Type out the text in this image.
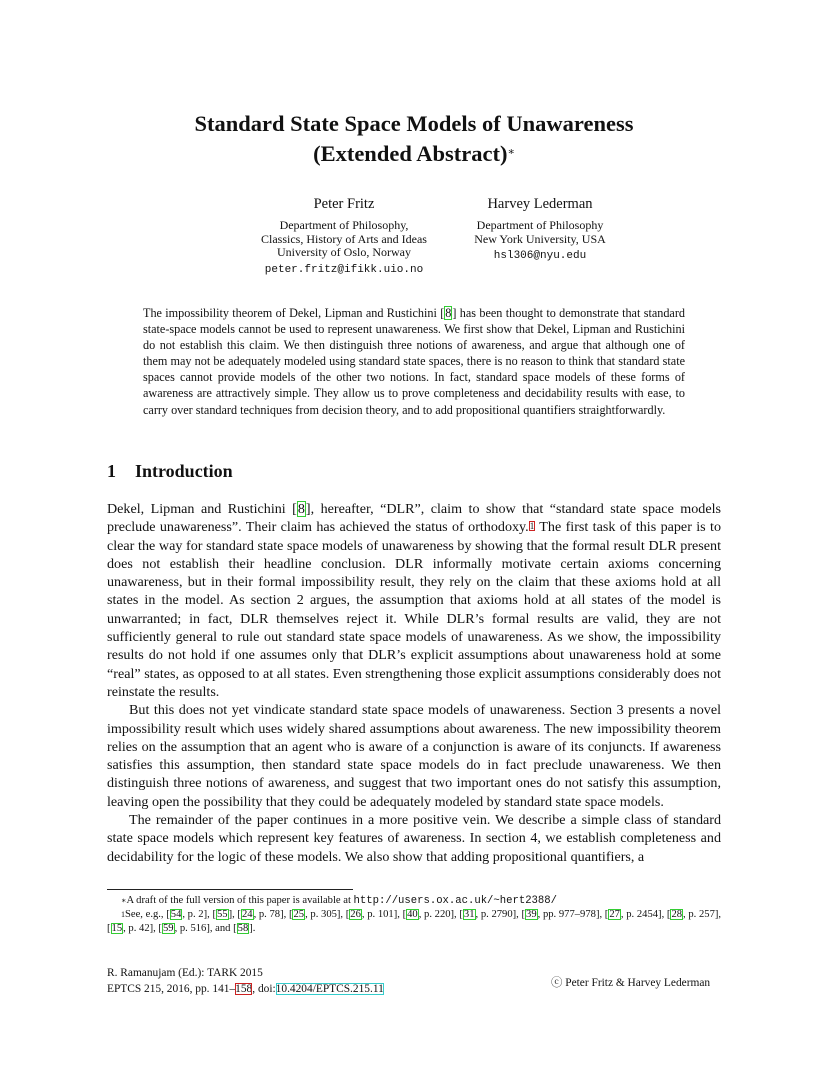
Standard State Space Models of Unawareness
(Extended Abstract)∗
Peter Fritz
Department of Philosophy,
Classics, History of Arts and Ideas
University of Oslo, Norway
peter.fritz@ifikk.uio.no
Harvey Lederman
Department of Philosophy
New York University, USA
hsl306@nyu.edu
The impossibility theorem of Dekel, Lipman and Rustichini [8] has been thought to demonstrate that standard state-space models cannot be used to represent unawareness. We first show that Dekel, Lipman and Rustichini do not establish this claim. We then distinguish three notions of awareness, and argue that although one of them may not be adequately modeled using standard state spaces, there is no reason to think that standard state spaces cannot provide models of the other two notions. In fact, standard space models of these forms of awareness are attractively simple. They allow us to prove completeness and decidability results with ease, to carry over standard techniques from decision theory, and to add propositional quantifiers straightforwardly.
1 Introduction

Dekel, Lipman and Rustichini [8], hereafter, “DLR”, claim to show that “standard state space models preclude unawareness”. Their claim has achieved the status of orthodoxy.$^1$ The first task of this paper is to clear the way for standard state space models of unawareness by showing that the formal result DLR present does not establish their headline conclusion. DLR informally motivate certain axioms concerning unawareness, but in their formal impossibility result, they rely on the claim that these axioms hold at all states in the model. As section 2 argues, the assumption that axioms hold at all states of the model is unwarranted; in fact, DLR themselves reject it. While DLR’s formal results are valid, they are not sufficiently general to rule out standard state space models of unawareness. As we show, the impossibility results do not hold if one assumes only that DLR’s explicit assumptions about unawareness hold at some “real” states, as opposed to at all states. Even strengthening those explicit assumptions considerably does not reinstate the results.

But this does not yet vindicate standard state space models of unawareness. Section 3 presents a novel impossibility result which uses widely shared assumptions about awareness. The new impossibility theorem relies on the assumption that an agent who is aware of a conjunction is aware of its conjuncts. If awareness satisfies this assumption, then standard state space models do in fact preclude unawareness. We then distinguish three notions of awareness, and suggest that two important ones do not satisfy this assumption, leaving open the possibility that they could be adequately modeled by standard state space models.

The remainder of the paper continues in a more positive vein. We describe a simple class of standard state space models which represent key features of awareness. In section 4, we establish completeness and decidability for the logic of these models. We also show that adding propositional quantifiers, a

∗A draft of the full version of this paper is available at http://users.ox.ac.uk/~hert2388/

$^1$See, e.g., [54, p. 2], [55], [24, p. 78], [25, p. 305], [26, p. 101], [40, p. 220], [31, p. 2790], [39, pp. 977–978], [27, p. 2454], [28, p. 257], [15, p. 42], [59, p. 516], and [58].

R. Ramanujam (Ed.): TARK 2015
EPTCS 215, 2016, pp. 141–158, doi:10.4204/EPTCS.215.11	ⓒ Peter Fritz & Harvey Lederman
